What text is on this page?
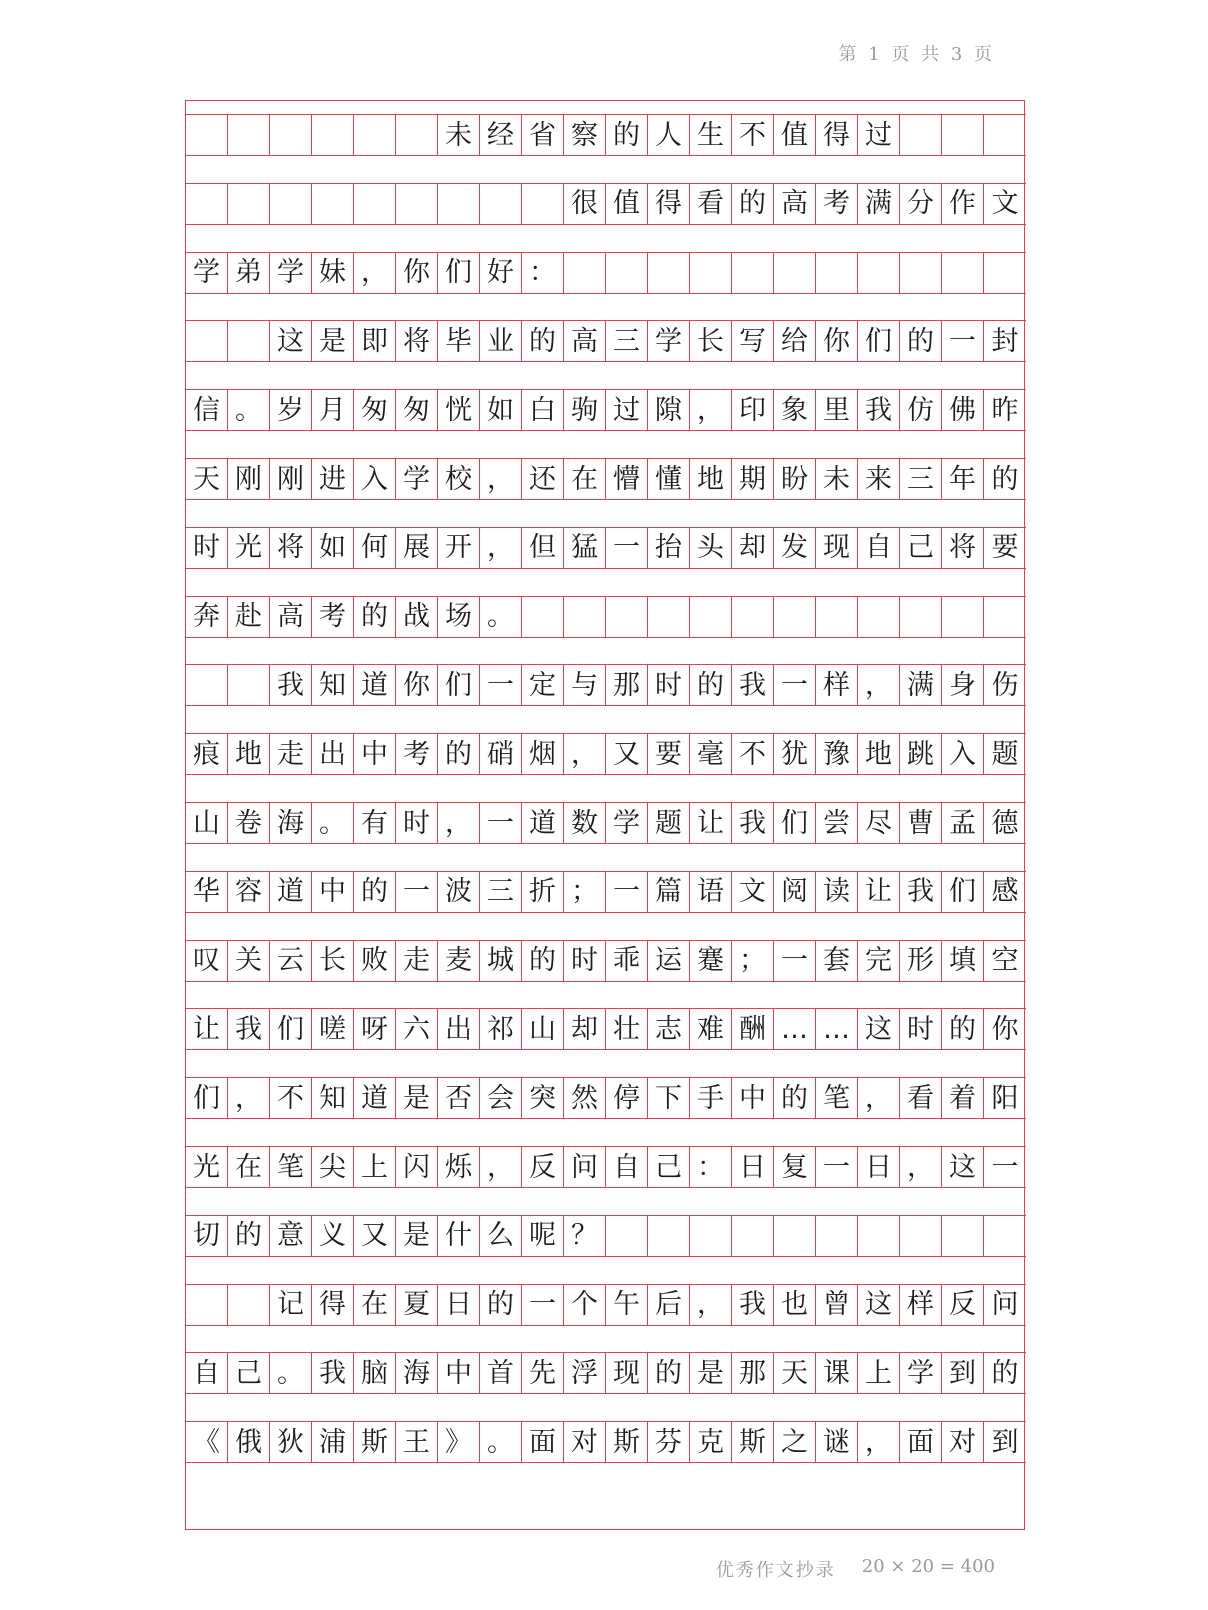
第 1 页 共 3 页
未 经 省 察 的 人 生 不 值 得 过
很 值 得 看 的 高 考 满 分 作 文
学 弟 学 妹 ， 你 们 好 ：
这 是 即 将 毕 业 的 高 三 学 长 写 给 你 们 的 一 封
信 。 岁 月 匆 匆 恍 如 白 驹 过 隙 ， 印 象 里 我 仿 佛 昨
天 刚 刚 进 入 学 校 ， 还 在 懵 懂 地 期 盼 未 来 三 年 的
时 光 将 如 何 展 开 ， 但 猛 一 抬 头 却 发 现 自 己 将 要
奔 赴 高 考 的 战 场 。
我 知 道 你 们 一 定 与 那 时 的 我 一 样 ， 满 身 伤
痕 地 走 出 中 考 的 硝 烟 ， 又 要 毫 不 犹 豫 地 跳 入 题
山 卷 海 。 有 时 ， 一 道 数 学 题 让 我 们 尝 尽 曹 孟 德
华 容 道 中 的 一 波 三 折 ； 一 篇 语 文 阅 读 让 我 们 感
叹 关 云 长 败 走 麦 城 的 时 乖 运 蹇 ； 一 套 完 形 填 空
让 我 们 嗟 呀 六 出 祁 山 却 壮 志 难 酬 … … 这 时 的 你
们 ， 不 知 道 是 否 会 突 然 停 下 手 中 的 笔 ， 看 着 阳
光 在 笔 尖 上 闪 烁 ， 反 问 自 己 ： 日 复 一 日 ， 这 一
切 的 意 义 又 是 什 么 呢 ？
记 得 在 夏 日 的 一 个 午 后 ， 我 也 曾 这 样 反 问
自 己 。 我 脑 海 中 首 先 浮 现 的 是 那 天 课 上 学 到 的
《 俄 狄 浦 斯 王 》 。 面 对 斯 芬 克 斯 之 谜 ， 面 对 到
优秀作文抄录 20 × 20 = 400
